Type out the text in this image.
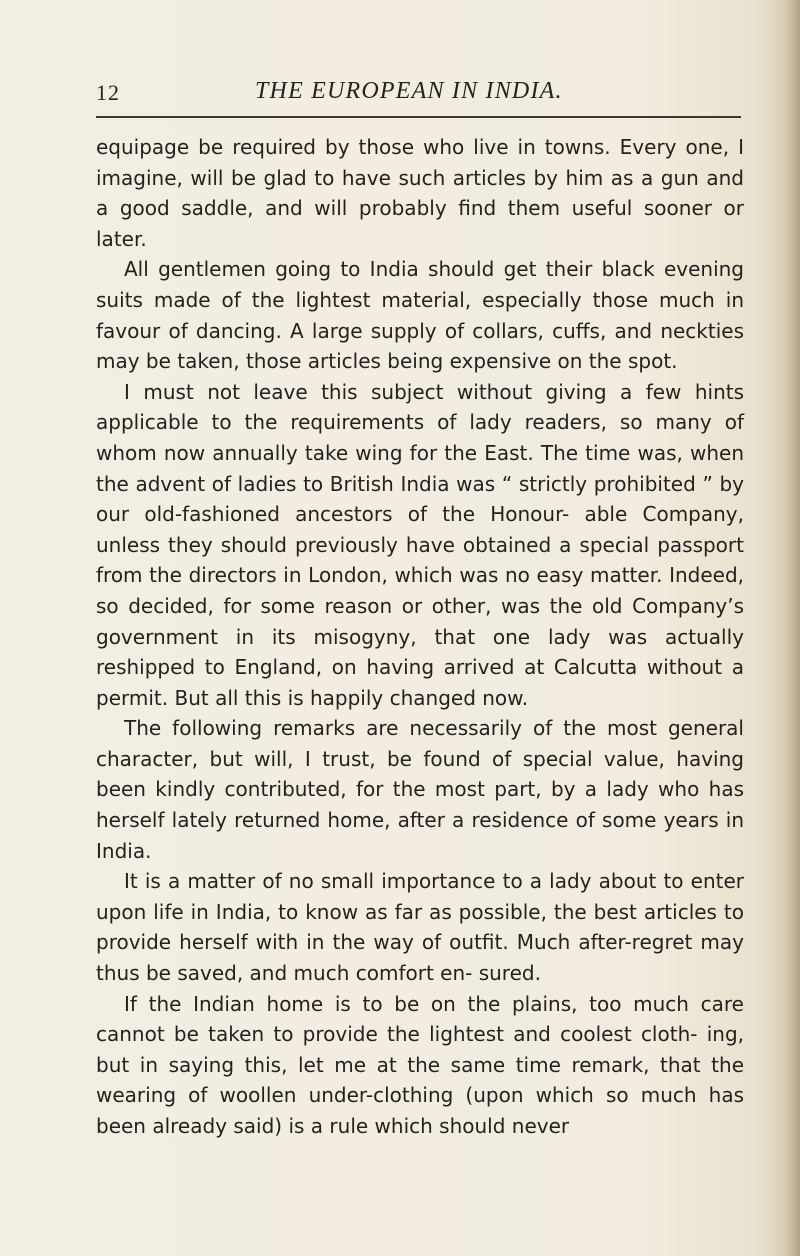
12	THE EUROPEAN IN INDIA.

equipage be required by those who live in towns. Every one, I imagine, will be glad to have such articles by him as a gun and a good saddle, and will probably find them useful sooner or later.

All gentlemen going to India should get their black evening suits made of the lightest material, especially those much in favour of dancing. A large supply of collars, cuffs, and neckties may be taken, those articles being expensive on the spot.

I must not leave this subject without giving a few hints applicable to the requirements of lady readers, so many of whom now annually take wing for the East. The time was, when the advent of ladies to British India was “ strictly prohibited ” by our old-fashioned ancestors of the Honour- able Company, unless they should previously have obtained a special passport from the directors in London, which was no easy matter. Indeed, so decided, for some reason or other, was the old Company’s government in its misogyny, that one lady was actually reshipped to England, on having arrived at Calcutta without a permit. But all this is happily changed now.

The following remarks are necessarily of the most general character, but will, I trust, be found of special value, having been kindly contributed, for the most part, by a lady who has herself lately returned home, after a residence of some years in India.

It is a matter of no small importance to a lady about to enter upon life in India, to know as far as possible, the best articles to provide herself with in the way of outfit. Much after-regret may thus be saved, and much comfort en- sured.

If the Indian home is to be on the plains, too much care cannot be taken to provide the lightest and coolest cloth- ing, but in saying this, let me at the same time remark, that the wearing of woollen under-clothing (upon which so much has been already said) is a rule which should never
